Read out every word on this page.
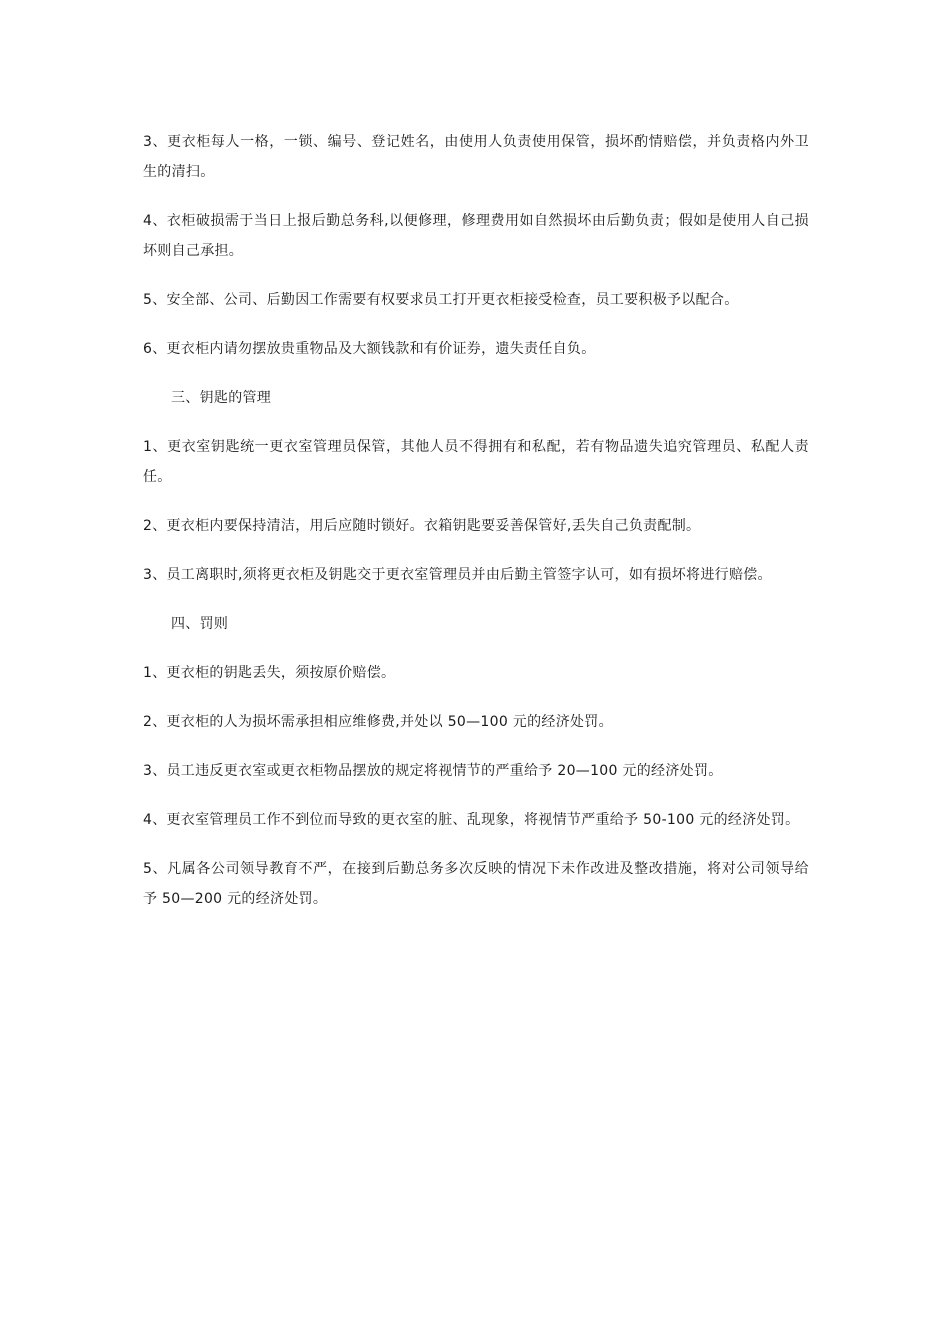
3、更衣柜每人一格，一锁、编号、登记姓名，由使用人负责使用保管，损坏酌情赔偿，并负责格内外卫生的清扫。

4、衣柜破损需于当日上报后勤总务科,以便修理，修理费用如自然损坏由后勤负责；假如是使用人自己损坏则自己承担。

5、安全部、公司、后勤因工作需要有权要求员工打开更衣柜接受检查，员工要积极予以配合。

6、更衣柜内请勿摆放贵重物品及大额钱款和有价证券，遗失责任自负。

三、钥匙的管理

1、更衣室钥匙统一更衣室管理员保管，其他人员不得拥有和私配，若有物品遗失追究管理员、私配人责任。

2、更衣柜内要保持清洁，用后应随时锁好。衣箱钥匙要妥善保管好,丢失自己负责配制。

3、员工离职时,须将更衣柜及钥匙交于更衣室管理员并由后勤主管签字认可，如有损坏将进行赔偿。

四、罚则

1、更衣柜的钥匙丢失，须按原价赔偿。

2、更衣柜的人为损坏需承担相应维修费,并处以 50—100 元的经济处罚。

3、员工违反更衣室或更衣柜物品摆放的规定将视情节的严重给予 20—100 元的经济处罚。

4、更衣室管理员工作不到位而导致的更衣室的脏、乱现象，将视情节严重给予 50-100 元的经济处罚。

5、凡属各公司领导教育不严，在接到后勤总务多次反映的情况下未作改进及整改措施，将对公司领导给予 50—200 元的经济处罚。
